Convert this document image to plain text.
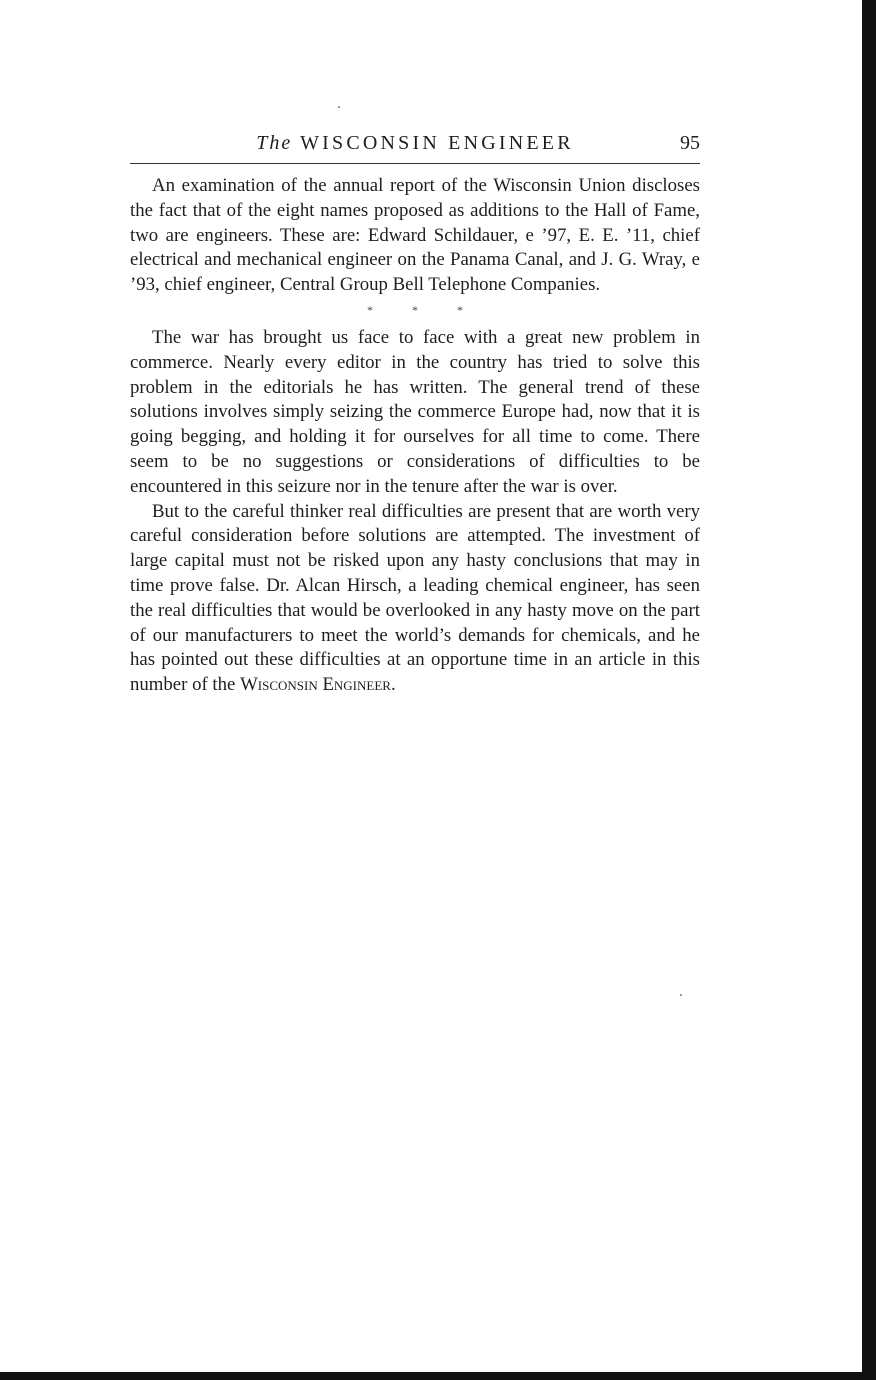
The WISCONSIN ENGINEER	95

An examination of the annual report of the Wisconsin Union discloses the fact that of the eight names proposed as additions to the Hall of Fame, two are engineers. These are: Edward Schildauer, e ’97, E. E. ’11, chief electrical and mechanical engineer on the Panama Canal, and J. G. Wray, e ’93, chief engineer, Central Group Bell Telephone Companies.

* * *

The war has brought us face to face with a great new problem in commerce. Nearly every editor in the country has tried to solve this problem in the editorials he has written. The general trend of these solutions involves simply seizing the commerce Europe had, now that it is going begging, and holding it for ourselves for all time to come. There seem to be no suggestions or considerations of difficulties to be encountered in this seizure nor in the tenure after the war is over.

But to the careful thinker real difficulties are present that are worth very careful consideration before solutions are attempted. The investment of large capital must not be risked upon any hasty conclusions that may in time prove false. Dr. Alcan Hirsch, a leading chemical engineer, has seen the real difficulties that would be overlooked in any hasty move on the part of our manufacturers to meet the world’s demands for chemicals, and he has pointed out these difficulties at an opportune time in an article in this number of the Wisconsin Engineer.
